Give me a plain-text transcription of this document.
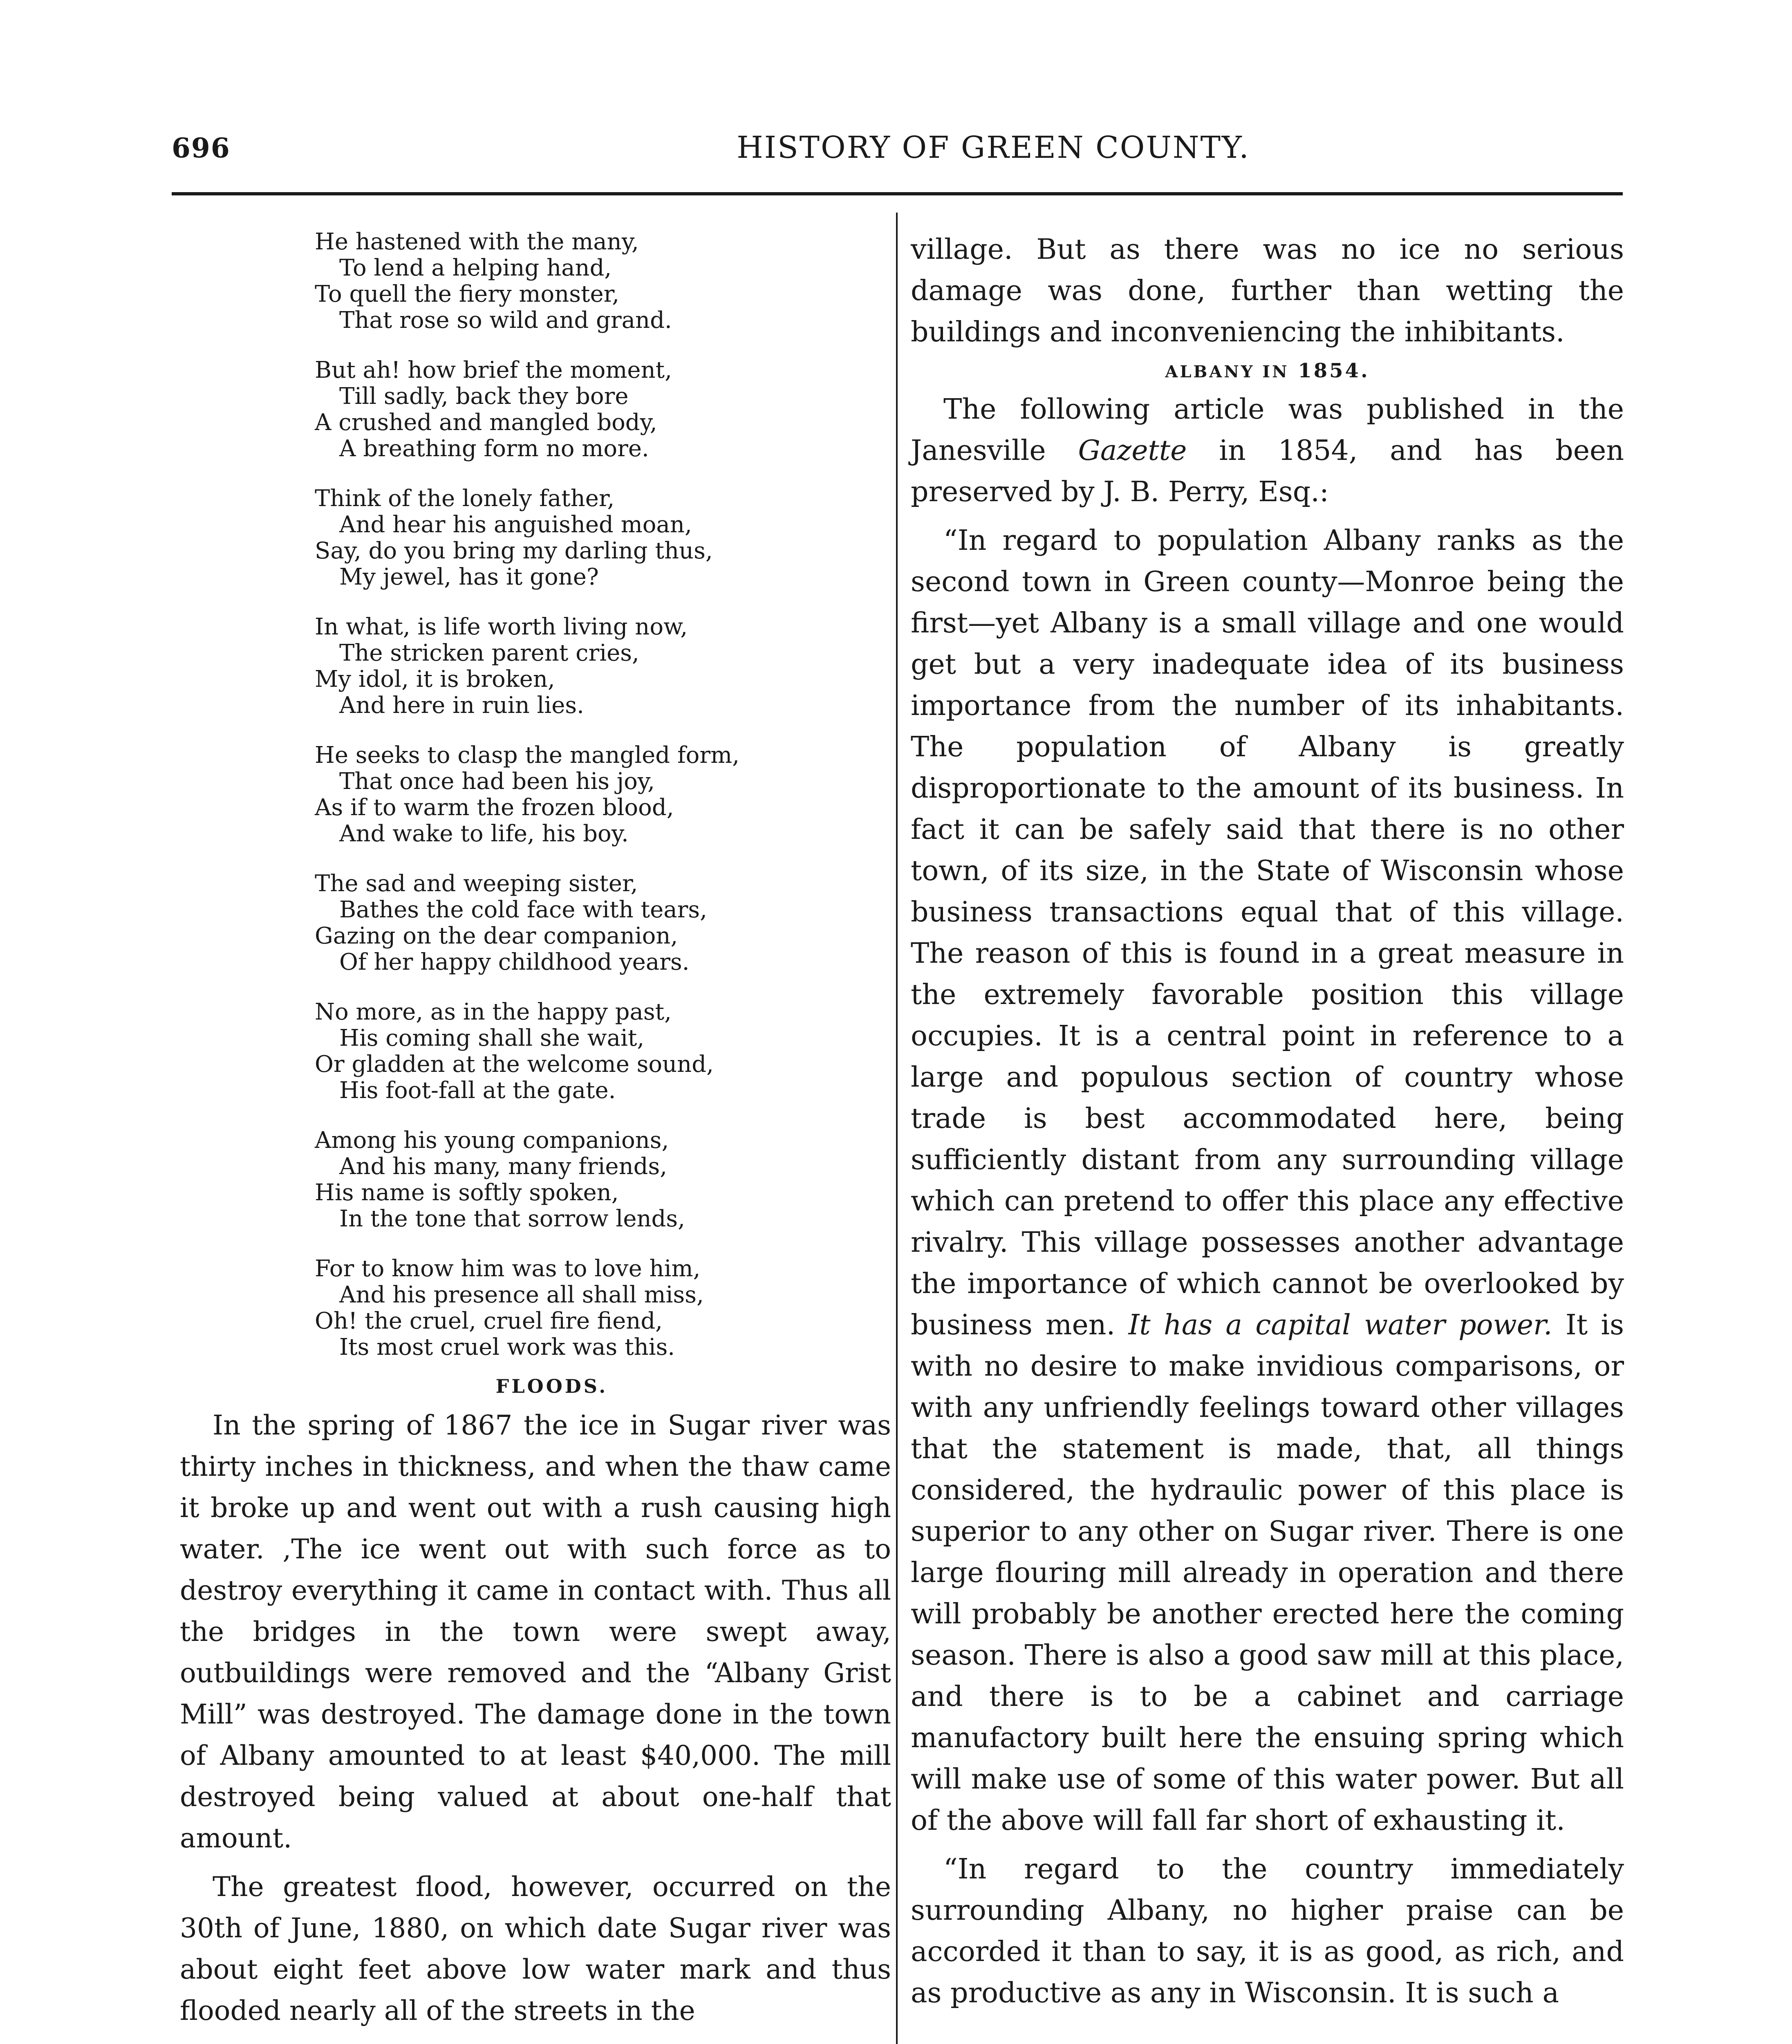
696	HISTORY OF GREEN COUNTY.
He hastened with the many,
To lend a helping hand,
To quell the fiery monster,
That rose so wild and grand.
But ah! how brief the moment,
Till sadly, back they bore
A crushed and mangled body,
A breathing form no more.
Think of the lonely father,
And hear his anguished moan,
Say, do you bring my darling thus,
My jewel, has it gone?
In what, is life worth living now,
The stricken parent cries,
My idol, it is broken,
And here in ruin lies.
He seeks to clasp the mangled form,
That once had been his joy,
As if to warm the frozen blood,
And wake to life, his boy.
The sad and weeping sister,
Bathes the cold face with tears,
Gazing on the dear companion,
Of her happy childhood years.
No more, as in the happy past,
His coming shall she wait,
Or gladden at the welcome sound,
His foot-fall at the gate.
Among his young companions,
And his many, many friends,
His name is softly spoken,
In the tone that sorrow lends,
For to know him was to love him,
And his presence all shall miss,
Oh! the cruel, cruel fire fiend,
Its most cruel work was this.
FLOODS.

In the spring of 1867 the ice in Sugar river was thirty inches in thickness, and when the thaw came it broke up and went out with a rush causing high water. ,The ice went out with such force as to destroy everything it came in contact with. Thus all the bridges in the town were swept away, outbuildings were removed and the “Albany Grist Mill” was destroyed. The damage done in the town of Albany amounted to at least $40,000. The mill destroyed being valued at about one-half that amount.

The greatest flood, however, occurred on the 30th of June, 1880, on which date Sugar river was about eight feet above low water mark and thus flooded nearly all of the streets in the

village. But as there was no ice no serious damage was done, further than wetting the buildings and inconveniencing the inhibitants.

ALBANY IN 1854.

The following article was published in the Janesville Gazette in 1854, and has been preserved by J. B. Perry, Esq.:

“In regard to population Albany ranks as the second town in Green county—Monroe being the first—yet Albany is a small village and one would get but a very inadequate idea of its business importance from the number of its inhabitants. The population of Albany is greatly disproportionate to the amount of its business. In fact it can be safely said that there is no other town, of its size, in the State of Wisconsin whose business transactions equal that of this village. The reason of this is found in a great measure in the extremely favorable position this village occupies. It is a central point in reference to a large and populous section of country whose trade is best accommodated here, being sufficiently distant from any surrounding village which can pretend to offer this place any effective rivalry. This village possesses another advantage the importance of which cannot be overlooked by business men. It has a capital water power. It is with no desire to make invidious comparisons, or with any unfriendly feelings toward other villages that the statement is made, that, all things considered, the hydraulic power of this place is superior to any other on Sugar river. There is one large flouring mill already in operation and there will probably be another erected here the coming season. There is also a good saw mill at this place, and there is to be a cabinet and carriage manufactory built here the ensuing spring which will make use of some of this water power. But all of the above will fall far short of exhausting it.

“In regard to the country immediately surrounding Albany, no higher praise can be accorded it than to say, it is as good, as rich, and as productive as any in Wisconsin. It is such a
